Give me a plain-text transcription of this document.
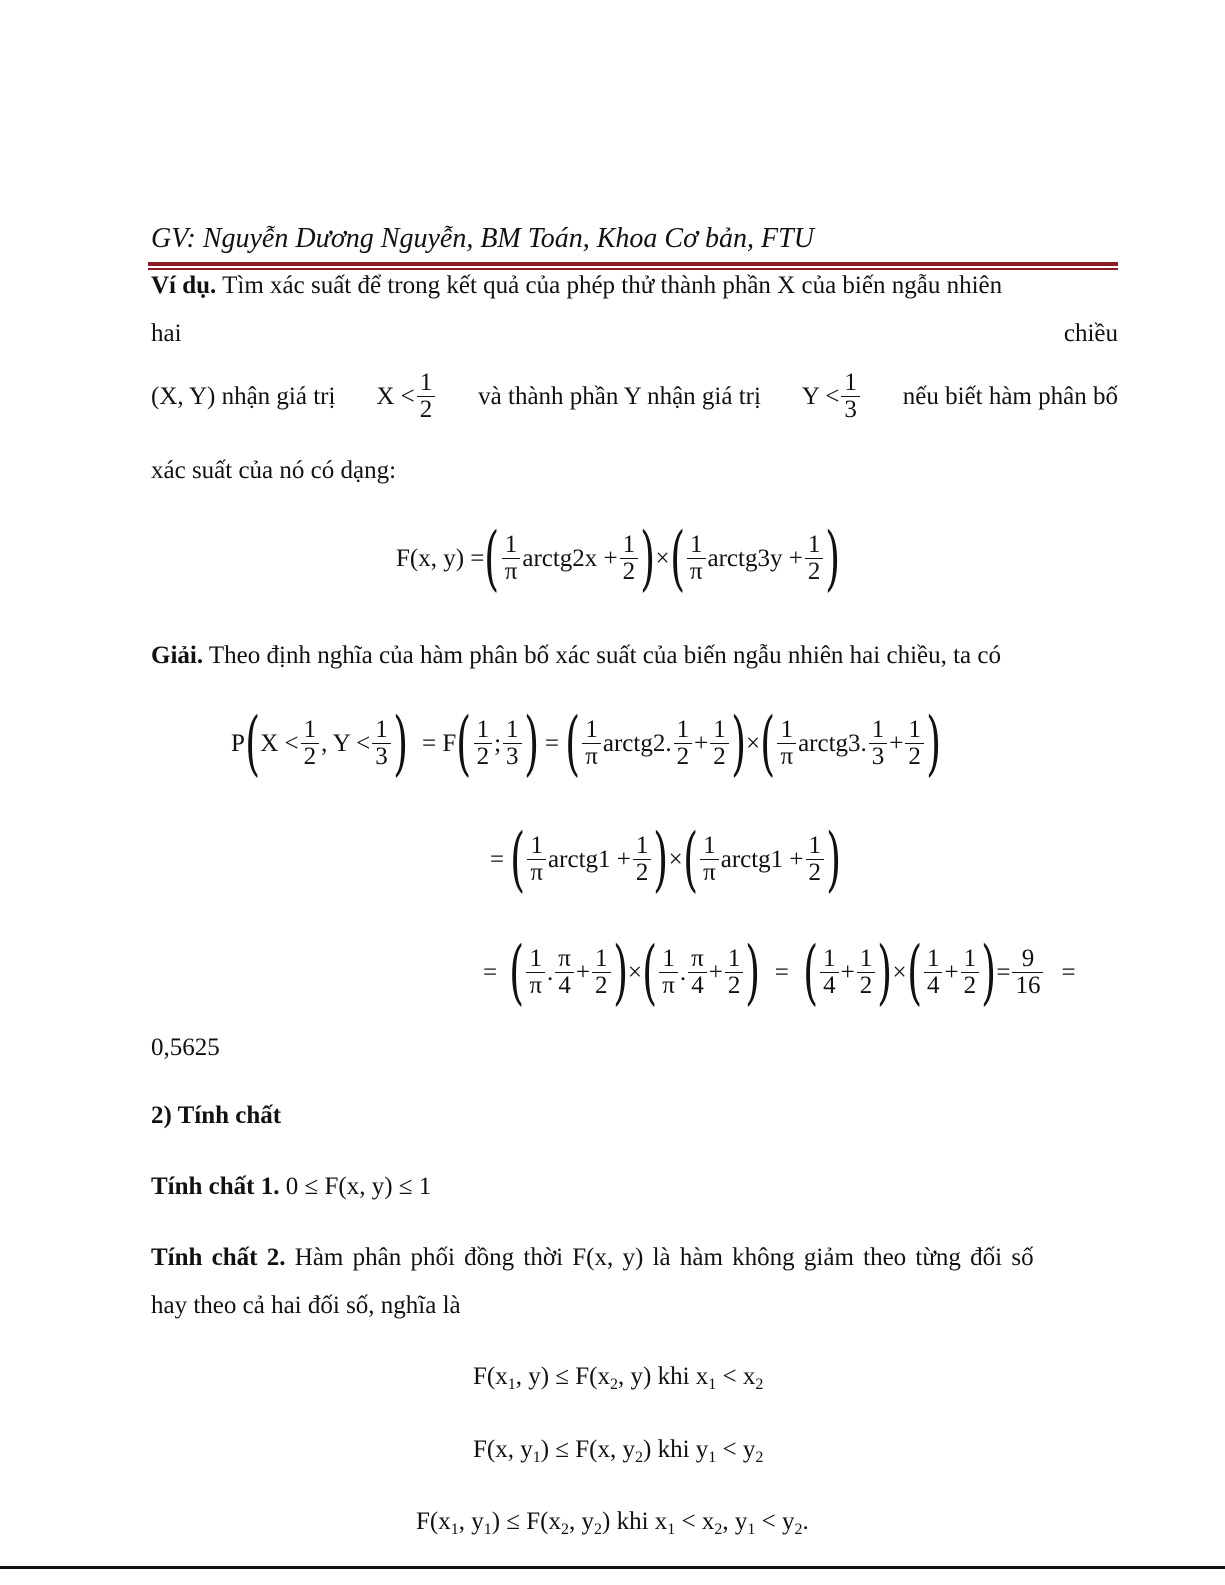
GV: Nguyễn Dương Nguyễn, BM Toán, Khoa Cơ bản, FTU
Ví dụ. Tìm xác suất để trong kết quả của phép thử thành phần X của biến ngẫu nhiên
hai	chiều
(X, Y) nhận giá trị $X < \frac{1}{2}$ và thành phần Y nhận giá trị $Y < \frac{1}{3}$ nếu biết hàm phân bố
xác suất của nó có dạng:
F(x, y) = ( $\frac{1}{\pi}$ arctg2x + $\frac{1}{2}$ ) × ( $\frac{1}{\pi}$ arctg3y + $\frac{1}{2}$ )
Giải. Theo định nghĩa của hàm phân bố xác suất của biến ngẫu nhiên hai chiều, ta có
P ( $X < \frac{1}{2}$ , $Y < \frac{1}{3}$ ) = F ( $\frac{1}{2}$ ; $\frac{1}{3}$ ) = ( $\frac{1}{\pi}$ arctg2. $\frac{1}{2} + \frac{1}{2}$ ) × ( $\frac{1}{\pi}$ arctg3. $\frac{1}{3} + \frac{1}{2}$ )
= ( $\frac{1}{\pi}$ arctg1 + $\frac{1}{2}$ ) × ( $\frac{1}{\pi}$ arctg1 + $\frac{1}{2}$ )
= ( $\frac{1}{\pi}$ . $\frac{\pi}{4} + \frac{1}{2}$ ) × ( $\frac{1}{\pi}$ . $\frac{\pi}{4} + \frac{1}{2}$ ) = ( $\frac{1}{4} + \frac{1}{2}$ ) × ( $\frac{1}{4} + \frac{1}{2}$ ) = $\frac{9}{16}$ =
0,5625
2) Tính chất
Tính chất 1. 0 ≤ F(x, y) ≤ 1
Tính chất 2. Hàm phân phối đồng thời F(x, y) là hàm không giảm theo từng đối số
hay theo cả hai đối số, nghĩa là
$F(x_1$, $y) \le F(x_2$, y) khi $x_1 < x_2$
F(x, $y_1) \le F(x$, $y_2$) khi $y_1 < y_2$
$F(x_1$, $y_1) \le F(x_2$, $y_2$) khi $x_1 < x_2$, $y_1 < y_2$.
